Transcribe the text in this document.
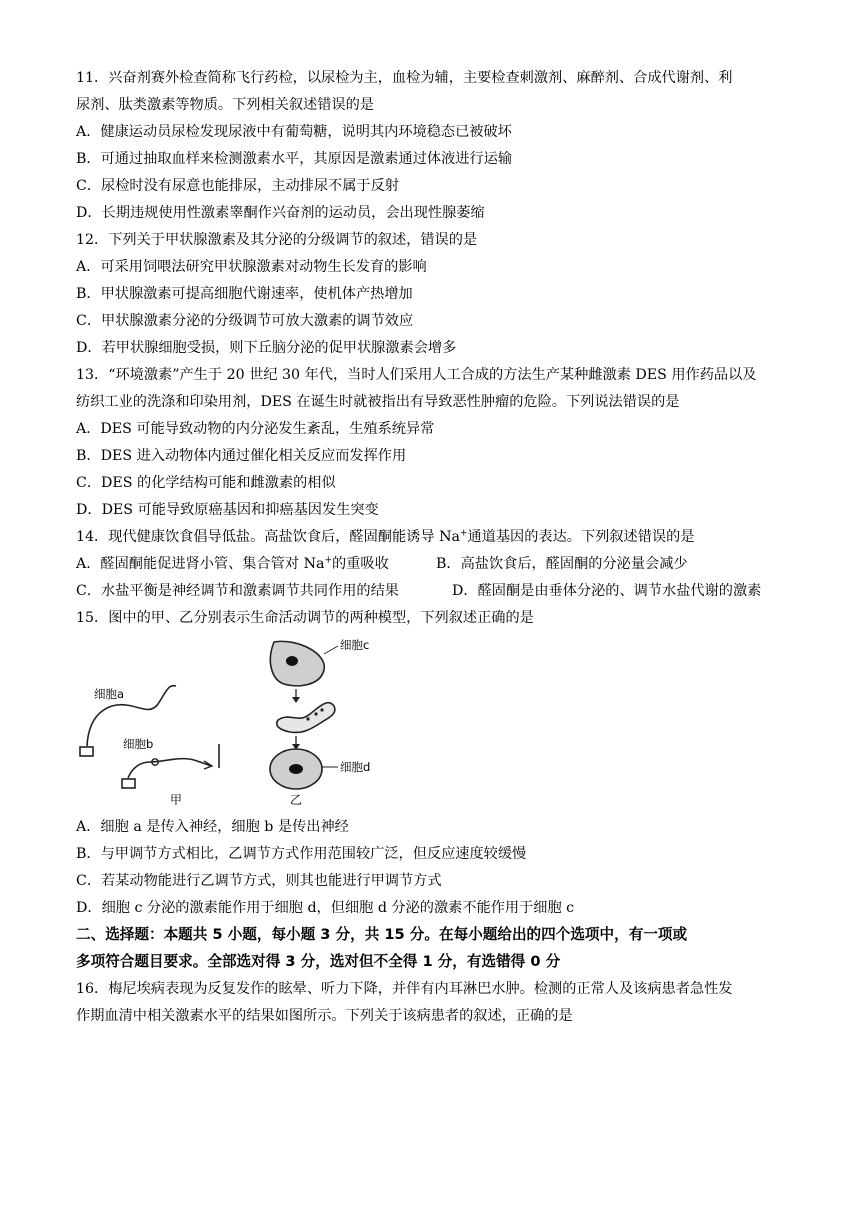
11．兴奋剂赛外检查简称飞行药检，以尿检为主，血检为辅，主要检查刺激剂、麻醉剂、合成代谢剂、利
尿剂、肽类激素等物质。下列相关叙述错误的是
A．健康运动员尿检发现尿液中有葡萄糖，说明其内环境稳态已被破坏
B．可通过抽取血样来检测激素水平，其原因是激素通过体液进行运输
C．尿检时没有尿意也能排尿，主动排尿不属于反射
D．长期违规使用性激素睾酮作兴奋剂的运动员，会出现性腺萎缩
12．下列关于甲状腺激素及其分泌的分级调节的叙述，错误的是
A．可采用饲喂法研究甲状腺激素对动物生长发育的影响
B．甲状腺激素可提高细胞代谢速率，使机体产热增加
C．甲状腺激素分泌的分级调节可放大激素的调节效应
D．若甲状腺细胞受损，则下丘脑分泌的促甲状腺激素会增多
13．“环境激素”产生于 20 世纪 30 年代，当时人们采用人工合成的方法生产某种雌激素 DES 用作药品以及
纺织工业的洗涤和印染用剂，DES 在诞生时就被指出有导致恶性肿瘤的危险。下列说法错误的是
A．DES 可能导致动物的内分泌发生紊乱，生殖系统异常
B．DES 进入动物体内通过催化相关反应而发挥作用
C．DES 的化学结构可能和雌激素的相似
D．DES 可能导致原癌基因和抑癌基因发生突变
14．现代健康饮食倡导低盐。高盐饮食后，醛固酮能诱导 Na+通道基因的表达。下列叙述错误的是
A．醛固酮能促进肾小管、集合管对 Na+的重吸收	B．高盐饮食后，醛固酮的分泌量会减少
C．水盐平衡是神经调节和激素调节共同作用的结果	D．醛固酮是由垂体分泌的、调节水盐代谢的激素
15．图中的甲、乙分别表示生命活动调节的两种模型，下列叙述正确的是
细胞a
细胞b
甲
细胞c
细胞d
乙
A．细胞 a 是传入神经，细胞 b 是传出神经
B．与甲调节方式相比，乙调节方式作用范围较广泛，但反应速度较缓慢
C．若某动物能进行乙调节方式，则其也能进行甲调节方式
D．细胞 c 分泌的激素能作用于细胞 d，但细胞 d 分泌的激素不能作用于细胞 c
二、选择题：本题共 5 小题，每小题 3 分，共 15 分。在每小题给出的四个选项中，有一项或
多项符合题目要求。全部选对得 3 分，选对但不全得 1 分，有选错得 0 分
16．梅尼埃病表现为反复发作的眩晕、听力下降，并伴有内耳淋巴水肿。检测的正常人及该病患者急性发
作期血清中相关激素水平的结果如图所示。下列关于该病患者的叙述，正确的是
